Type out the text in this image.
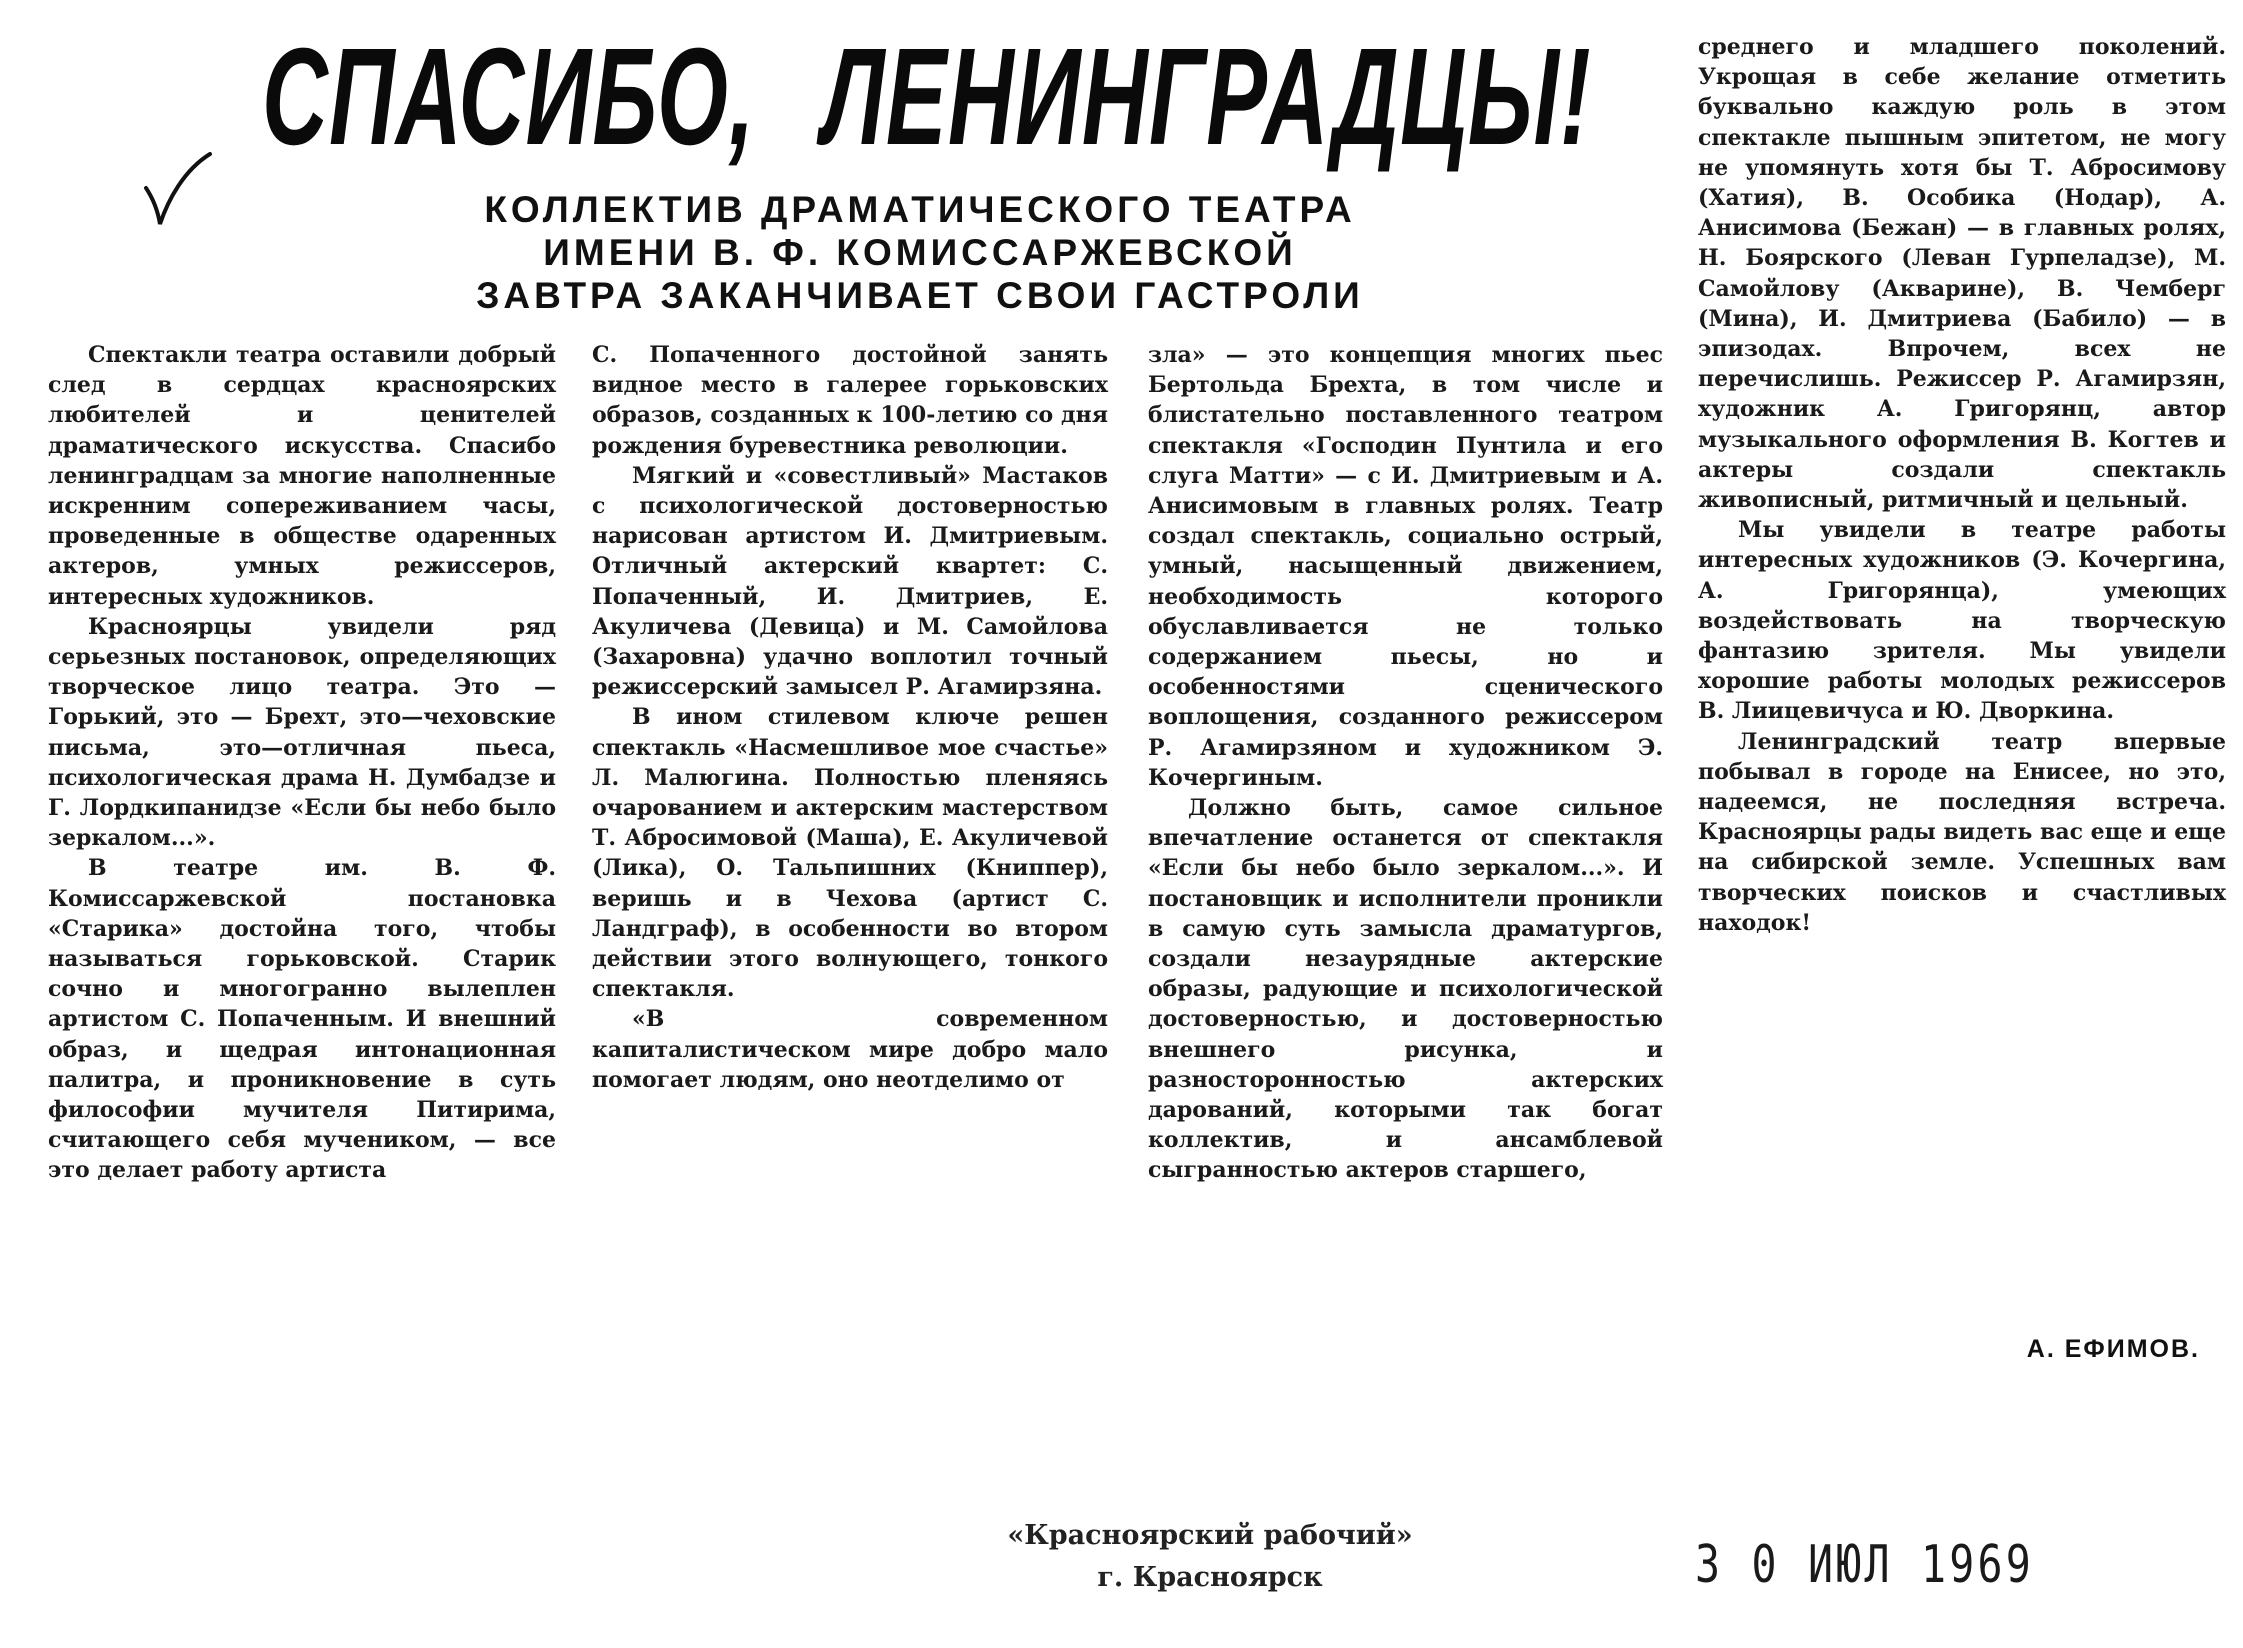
СПАСИБО, ЛЕНИНГРАДЦЫ!
КОЛЛЕКТИВ ДРАМАТИЧЕСКОГО ТЕАТРА
ИМЕНИ В. Ф. КОМИССАРЖЕВСКОЙ
ЗАВТРА ЗАКАНЧИВАЕТ СВОИ ГАСТРОЛИ

Спектакли театра оставили добрый след в сердцах красноярских любителей и ценителей драматического искусства. Спасибо ленинградцам за многие наполненные искренним сопереживанием часы, проведенные в обществе одаренных актеров, умных режиссеров, интересных художников.

Красноярцы увидели ряд серьезных постановок, определяющих творческое лицо театра. Это — Горький, это — Брехт, это—чеховские письма, это—отличная пьеса, психологическая драма Н. Думбадзе и Г. Лордкипанидзе «Если бы небо было зеркалом...».

В театре им. В. Ф. Комиссаржевской постановка «Старика» достойна того, чтобы называться горьковской. Старик сочно и многогранно вылеплен артистом С. Попаченным. И внешний образ, и щедрая интонационная палитра, и проникновение в суть философии мучителя Питирима, считающего себя мучеником, — все это делает работу артиста

С. Попаченного достойной занять видное место в галерее горьковских образов, созданных к 100-летию со дня рождения буревестника революции.

Мягкий и «совестливый» Мастаков с психологической достоверностью нарисован артистом И. Дмитриевым. Отличный актерский квартет: С. Попаченный, И. Дмитриев, Е. Акуличева (Девица) и М. Самойлова (Захаровна) удачно воплотил точный режиссерский замысел Р. Агамирзяна.

В ином стилевом ключе решен спектакль «Насмешливое мое счастье» Л. Малюгина. Полностью пленяясь очарованием и актерским мастерством Т. Абросимовой (Маша), Е. Акуличевой (Лика), О. Тальпишних (Книппер), веришь и в Чехова (артист С. Ландграф), в особенности во втором действии этого волнующего, тонкого спектакля.

«В современном капиталистическом мире добро мало помогает людям, оно неотделимо от

зла» — это концепция многих пьес Бертольда Брехта, в том числе и блистательно поставленного театром спектакля «Господин Пунтила и его слуга Матти» — с И. Дмитриевым и А. Анисимовым в главных ролях. Театр создал спектакль, социально острый, умный, насыщенный движением, необходимость которого обуславливается не только содержанием пьесы, но и особенностями сценического воплощения, созданного режиссером Р. Агамирзяном и художником Э. Кочергиным.

Должно быть, самое сильное впечатление останется от спектакля «Если бы небо было зеркалом...». И постановщик и исполнители проникли в самую суть замысла драматургов, создали незаурядные актерские образы, радующие и психологической достоверностью, и достоверностью внешнего рисунка, и разносторонностью актерских дарований, которыми так богат коллектив, и ансамблевой сыгранностью актеров старшего,

среднего и младшего поколений. Укрощая в себе желание отметить буквально каждую роль в этом спектакле пышным эпитетом, не могу не упомянуть хотя бы Т. Абросимову (Хатия), В. Особика (Нодар), А. Анисимова (Бежан) — в главных ролях, Н. Боярского (Леван Гурпеладзе), М. Самойлову (Акварине), В. Чемберг (Мина), И. Дмитриева (Бабило) — в эпизодах. Впрочем, всех не перечислишь. Режиссер Р. Агамирзян, художник А. Григорянц, автор музыкального оформления В. Когтев и актеры создали спектакль живописный, ритмичный и цельный.

Мы увидели в театре работы интересных художников (Э. Кочергина, А. Григорянца), умеющих воздействовать на творческую фантазию зрителя. Мы увидели хорошие работы молодых режиссеров В. Лиицевичуса и Ю. Дворкина.

Ленинградский театр впервые побывал в городе на Енисее, но это, надеемся, не последняя встреча. Красноярцы рады видеть вас еще и еще на сибирской земле. Успешных вам творческих поисков и счастливых находок!

А. ЕФИМОВ.
«Красноярский рабочий»
г. Красноярск	3 0 ИЮЛ 1969
